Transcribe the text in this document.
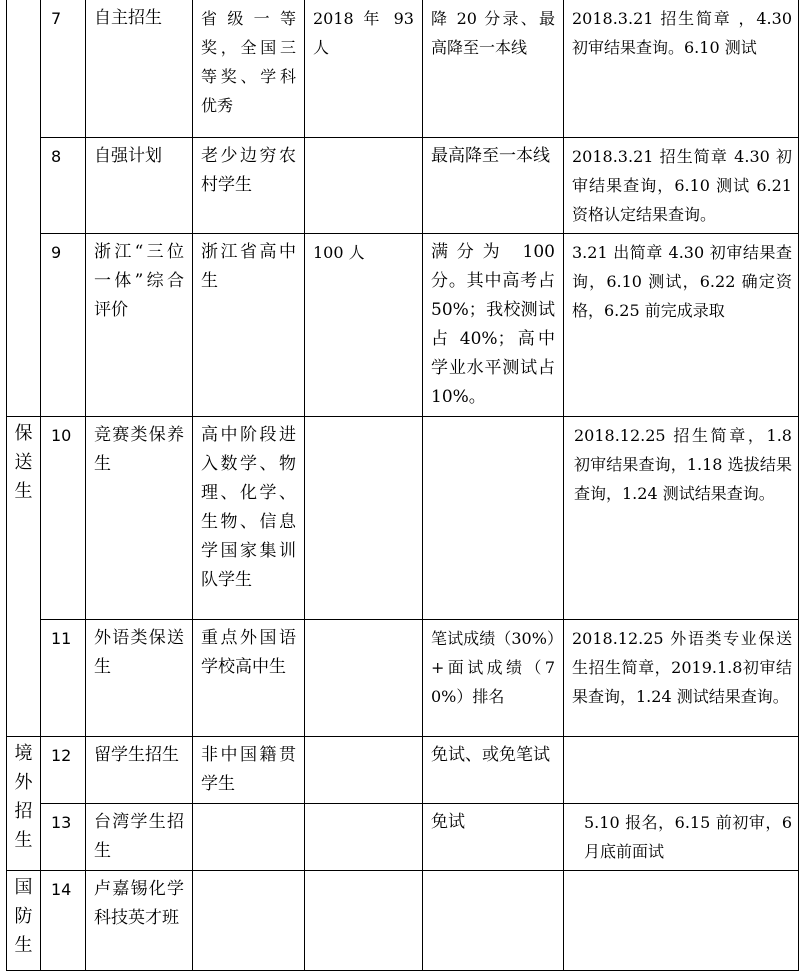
	7	自主招生	省级一等奖，全国三等奖、学科优秀	2018 年 93 人	降 20 分录、最高降至一本线	2018.3.21 招生简章 ，4.30 初审结果查询。6.10 测试
	8	自强计划	老少边穷农村学生		最高降至一本线	2018.3.21 招生简章 4.30 初审结果查询，6.10 测试 6.21 资格认定结果查询。
	9	浙江“三位一体”综合评价	浙江省高中生	100 人	满分为 100 分。其中高考占 50%；我校测试占 40%；高中学业水平测试占 10%。	3.21 出简章 4.30 初审结果查询，6.10 测试，6.22 确定资格，6.25 前完成录取

保送生	10	竞赛类保养生	高中阶段进入数学、物理、化学、生物、信息学国家集训队学生			2018.12.25 招生简章，1.8 初审结果查询，1.18 选拔结果查询，1.24 测试结果查询。
	11	外语类保送生	重点外国语学校高中生		笔试成绩（30%）+面试成绩（70%）排名	2018.12.25 外语类专业保送生招生简章，2019.1.8初审结果查询，1.24 测试结果查询。

境外招生	12	留学生招生	非中国籍贯学生		免试、或免笔试	
	13	台湾学生招生			免试	5.10 报名，6.15 前初审，6月底前面试

国防生	14	卢嘉锡化学科技英才班				
